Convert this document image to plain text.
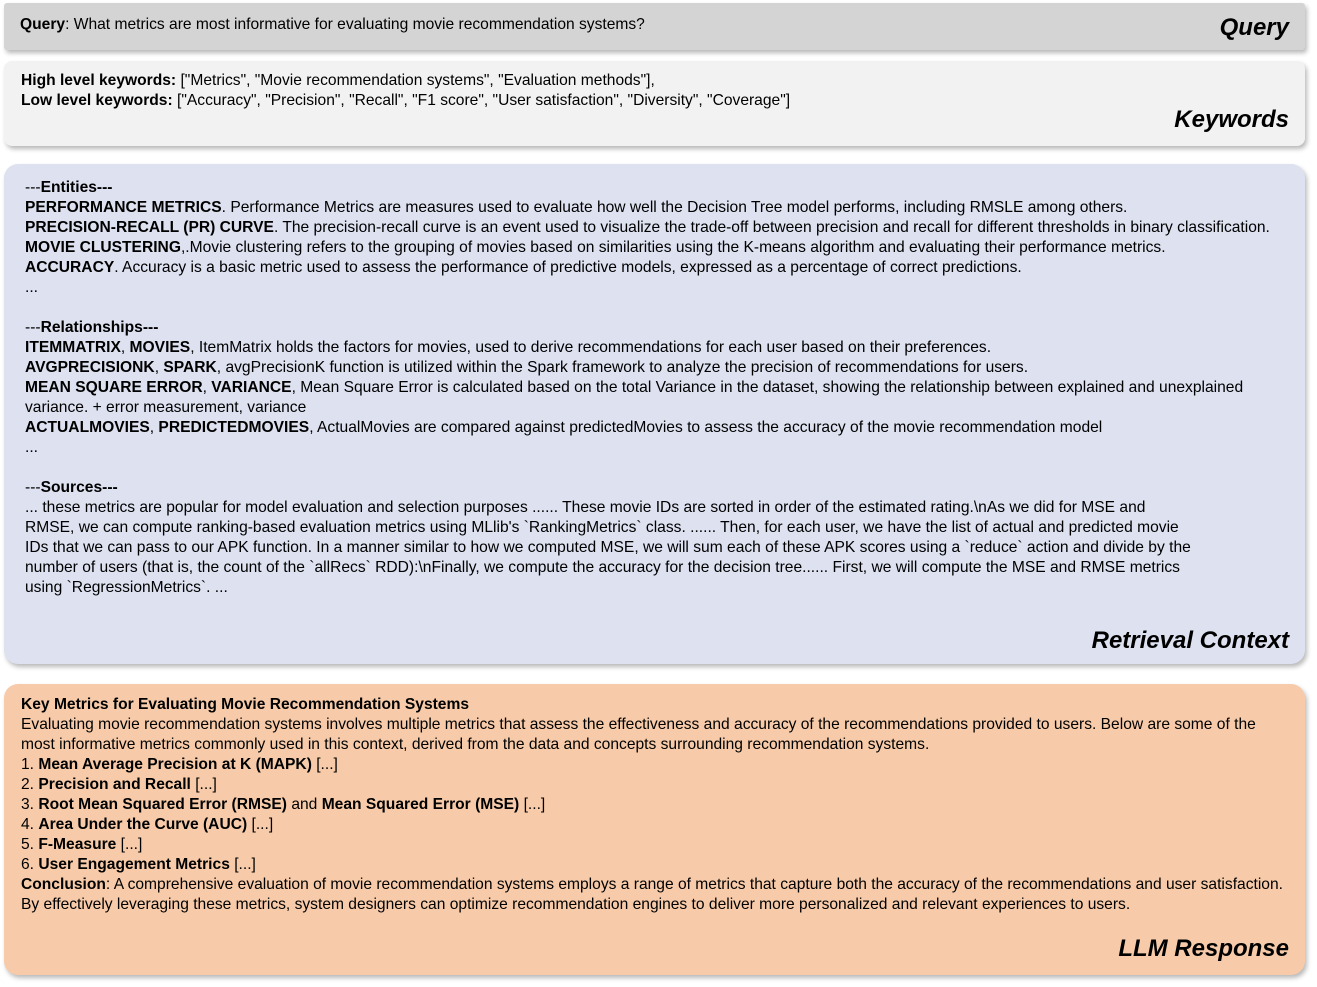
Query: What metrics are most informative for evaluating movie recommendation systems?	Query
High level keywords: ["Metrics", "Movie recommendation systems", "Evaluation methods"],
Low level keywords: ["Accuracy", "Precision", "Recall", "F1 score", "User satisfaction", "Diversity", "Coverage"]
Keywords
---Entities---
PERFORMANCE METRICS. Performance Metrics are measures used to evaluate how well the Decision Tree model performs, including RMSLE among others.
PRECISION-RECALL (PR) CURVE. The precision-recall curve is an event used to visualize the trade-off between precision and recall for different thresholds in binary classification.
MOVIE CLUSTERING,.Movie clustering refers to the grouping of movies based on similarities using the K-means algorithm and evaluating their performance metrics.
ACCURACY. Accuracy is a basic metric used to assess the performance of predictive models, expressed as a percentage of correct predictions.
...
---Relationships---
ITEMMATRIX, MOVIES, ItemMatrix holds the factors for movies, used to derive recommendations for each user based on their preferences.
AVGPRECISIONK, SPARK, avgPrecisionK function is utilized within the Spark framework to analyze the precision of recommendations for users.
MEAN SQUARE ERROR, VARIANCE, Mean Square Error is calculated based on the total Variance in the dataset, showing the relationship between explained and unexplained variance. + error measurement, variance
ACTUALMOVIES, PREDICTEDMOVIES, ActualMovies are compared against predictedMovies to assess the accuracy of the movie recommendation model
...
---Sources---
... these metrics are popular for model evaluation and selection purposes ...... These movie IDs are sorted in order of the estimated rating.\nAs we did for MSE and
RMSE, we can compute ranking-based evaluation metrics using MLlib's `RankingMetrics` class. ...... Then, for each user, we have the list of actual and predicted movie
IDs that we can pass to our APK function. In a manner similar to how we computed MSE, we will sum each of these APK scores using a `reduce` action and divide by the
number of users (that is, the count of the `allRecs` RDD):\nFinally, we compute the accuracy for the decision tree...... First, we will compute the MSE and RMSE metrics
using `RegressionMetrics`. ...
Retrieval Context
Key Metrics for Evaluating Movie Recommendation Systems
Evaluating movie recommendation systems involves multiple metrics that assess the effectiveness and accuracy of the recommendations provided to users. Below are some of the most informative metrics commonly used in this context, derived from the data and concepts surrounding recommendation systems.
1. Mean Average Precision at K (MAPK) [...]
2. Precision and Recall [...]
3. Root Mean Squared Error (RMSE) and Mean Squared Error (MSE) [...]
4. Area Under the Curve (AUC) [...]
5. F-Measure [...]
6. User Engagement Metrics [...]
Conclusion: A comprehensive evaluation of movie recommendation systems employs a range of metrics that capture both the accuracy of the recommendations and user satisfaction. By effectively leveraging these metrics, system designers can optimize recommendation engines to deliver more personalized and relevant experiences to users.
LLM Response
